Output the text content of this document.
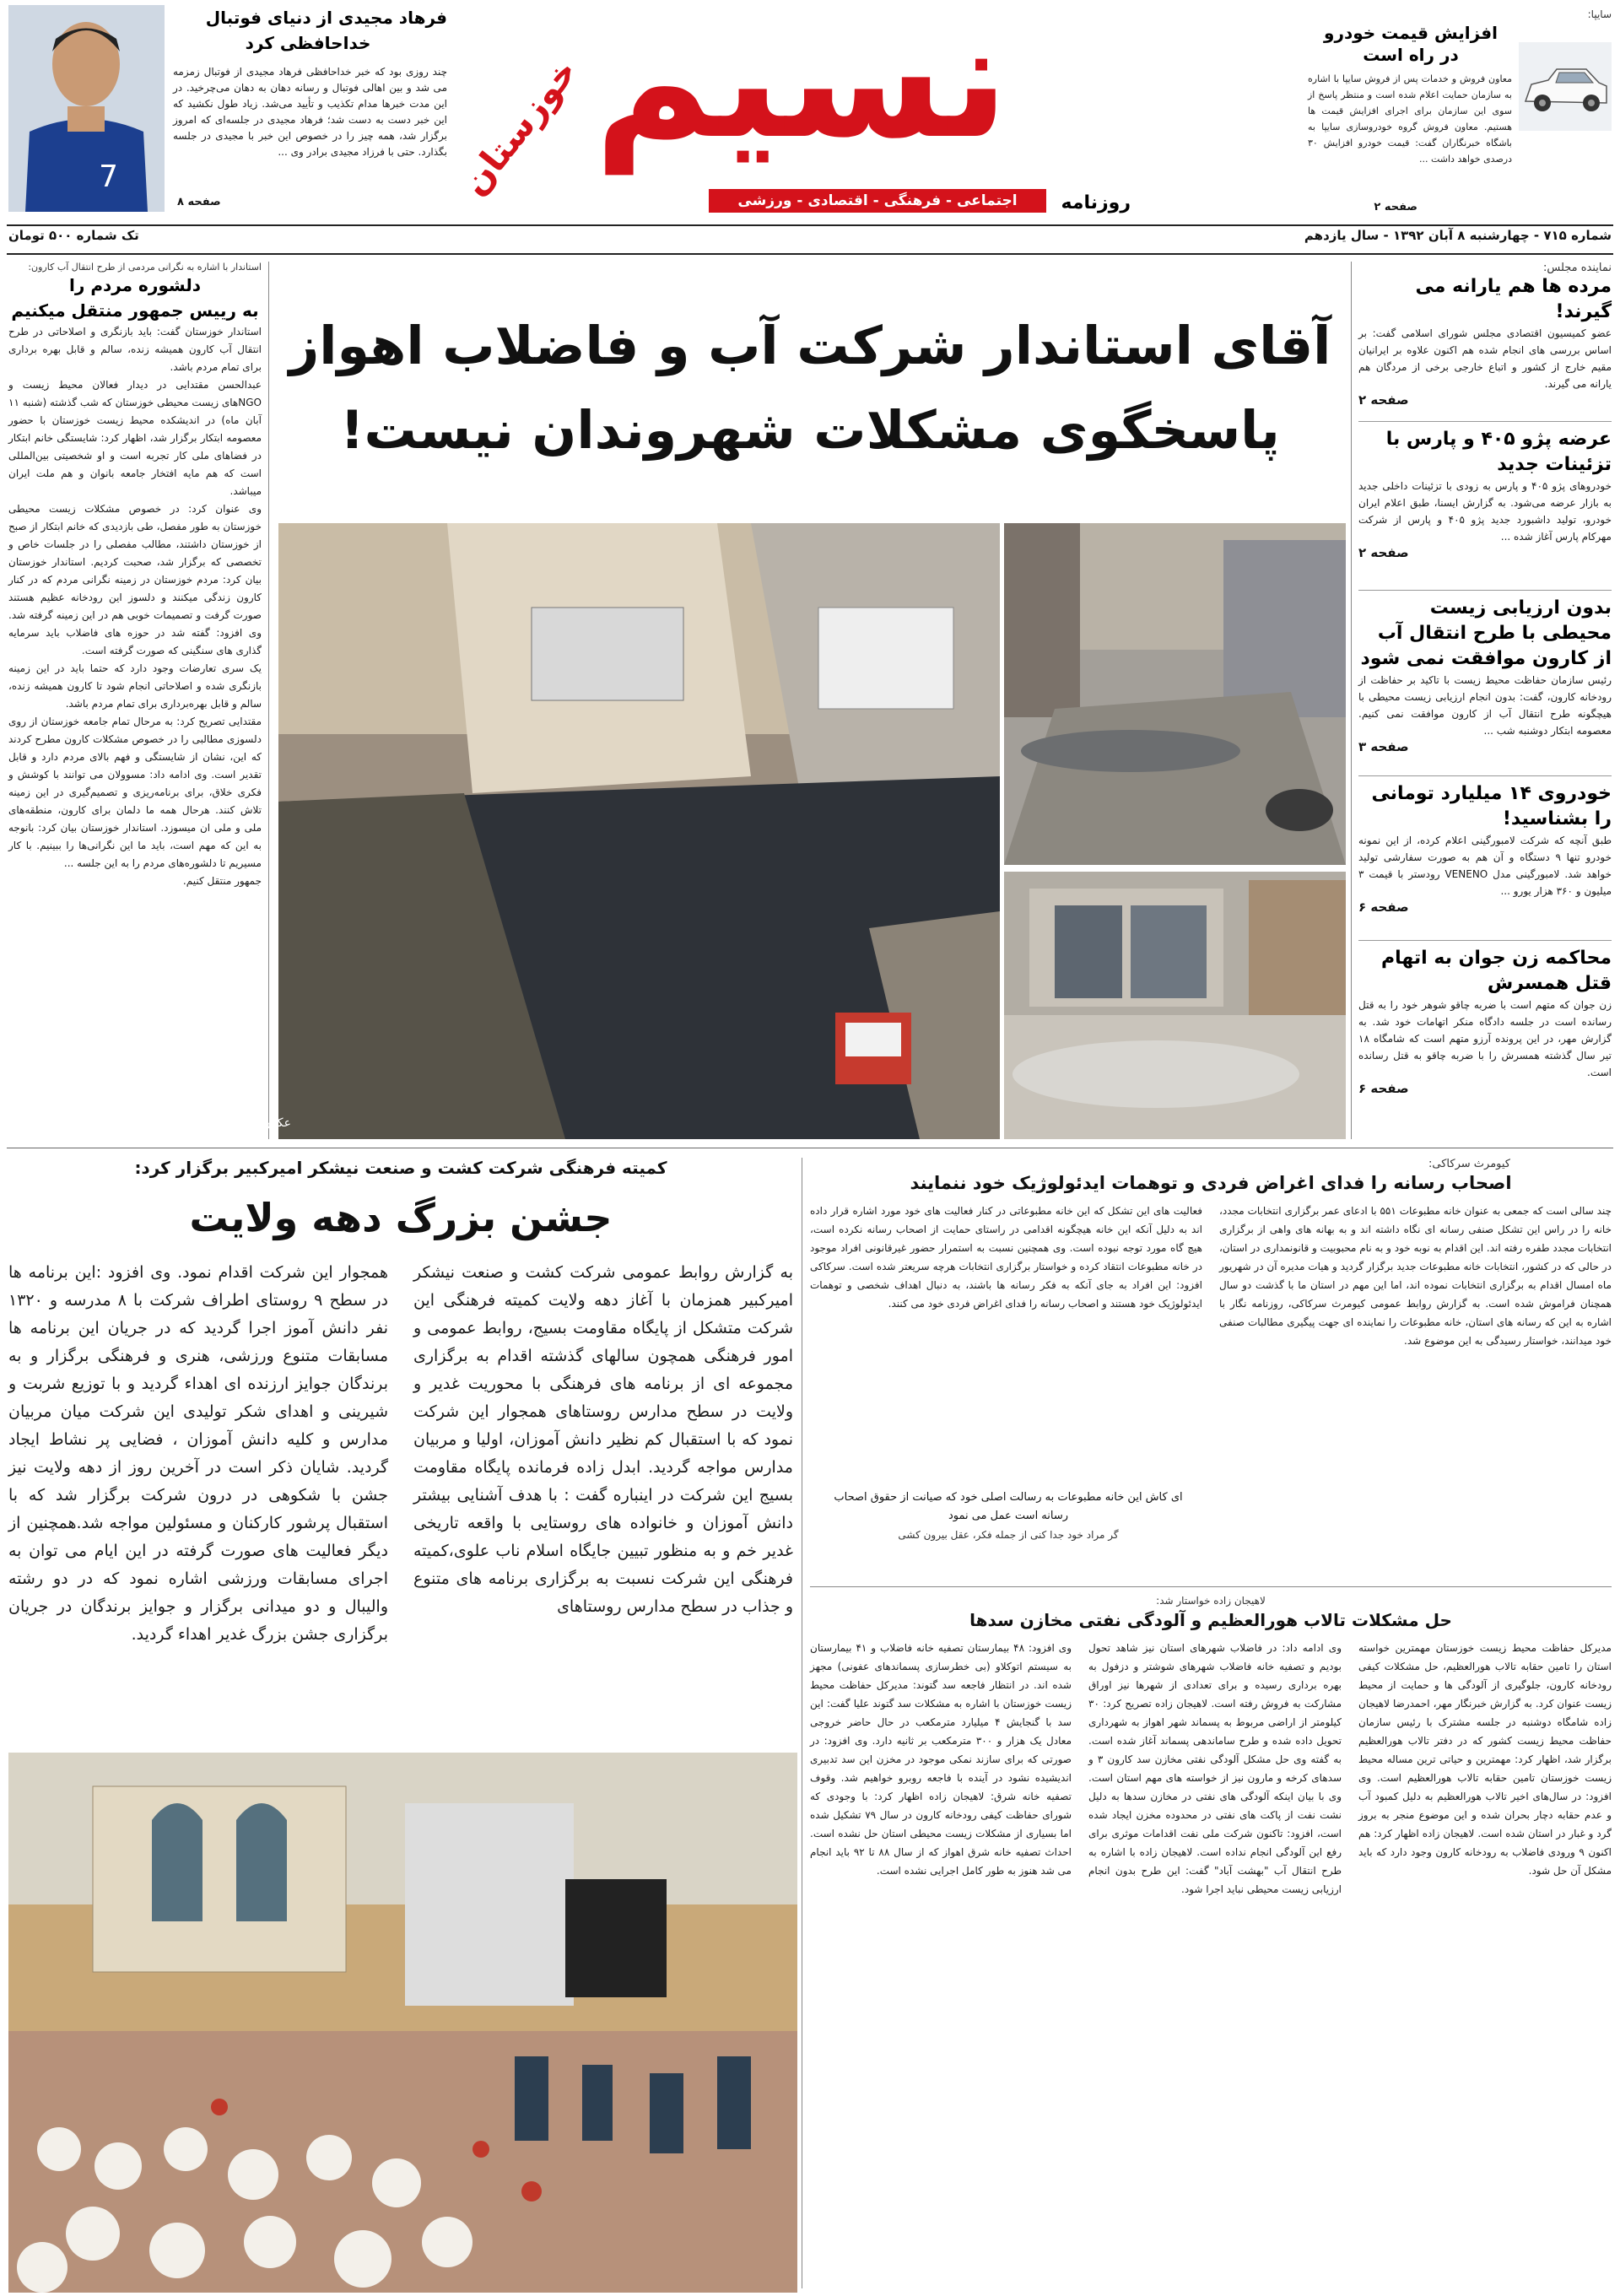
سایپا:
افزایش قیمت خودرو
در راه است
معاون فروش و خدمات پس از فروش سایپا با اشاره به سازمان حمایت اعلام شده است و منتظر پاسخ از سوی این سازمان برای اجرای افزایش قیمت ها هستیم. معاون فروش گروه خودروسازی سایپا به باشگاه خبرنگاران گفت: قیمت خودرو افزایش ۳۰ درصدی خواهد داشت ...
صفحه ۲
نسیم
خوزستان	روزنامه
اجتماعی - فرهنگی - اقتصادی - ورزشی
7
فرهاد مجیدی از دنیای فوتبال
خداحافظی کرد
چند روزی بود که خبر خداحافظی فرهاد مجیدی از فوتبال زمزمه می شد و بین اهالی فوتبال و رسانه دهان به دهان می‌چرخید. در این مدت خبرها مدام تکذیب و تأیید می‌شد. زیاد طول نکشید که این خبر دست به دست شد؛ فرهاد مجیدی در جلسه‌ای که امروز برگزار شد، همه چیز را در خصوص این خبر با مجیدی در جلسه بگذارد. حتی با فرزاد مجیدی برادر وی ...
صفحه ۸
شماره ۷۱۵ - چهارشنبه ۸ آبان ۱۳۹۲ - سال یازدهم
تک شماره ۵۰۰ تومان
نماینده مجلس:
مرده ها هم یارانه می گیرند!
عضو کمیسیون اقتصادی مجلس شورای اسلامی گفت: بر اساس بررسی های انجام شده هم اکنون علاوه بر ایرانیان مقیم خارج از کشور و اتباع خارجی برخی از مردگان هم یارانه می گیرند.
صفحه ۲
عرضه پژو ۴۰۵ و پارس با تزئینات جدید
خودروهای پژو ۴۰۵ و پارس به زودی با تزئینات داخلی جدید به بازار عرضه می‌شود. به گزارش ایسنا، طبق اعلام ایران خودرو، تولید داشبورد جدید پژو ۴۰۵ و پارس از شرکت مهرکام پارس آغاز شده ...
صفحه ۲
بدون ارزیابی زیست محیطی با طرح انتقال آب از کارون موافقت نمی شود
رئیس سازمان حفاظت محیط زیست با تاکید بر حفاظت از رودخانه کارون، گفت: بدون انجام ارزیابی زیست محیطی با هیچگونه طرح انتقال آب از کارون موافقت نمی کنیم. معصومه ابتکار دوشنبه شب ...
صفحه ۳
خودروی ۱۴ میلیارد تومانی را بشناسید!
طبق آنچه که شرکت لامبورگینی اعلام کرده، از این نمونه خودرو تنها ۹ دستگاه و آن هم به صورت سفارشی تولید خواهد شد. لامبورگینی مدل VENENO رودستر با قیمت ۳ میلیون و ۳۶۰ هزار یورو ...
صفحه ۶
محاکمه زن جوان به اتهام قتل همسرش
زن جوان که متهم است با ضربه چاقو شوهر خود را به قتل رسانده است در جلسه دادگاه منکر اتهامات خود شد. به گزارش مهر، در این پرونده آرزو متهم است که شامگاه ۱۸ تیر سال گذشته همسرش را با ضربه چاقو به قتل رسانده است.
صفحه ۶
استاندار با اشاره به نگرانی مردمی از طرح انتقال آب کارون:
دلشوره مردم را
به رییس جمهور منتقل میکنیم

استاندار خوزستان گفت: باید بازنگری و اصلاحاتی در طرح انتقال آب کارون همیشه زنده، سالم و قابل بهره برداری برای تمام مردم باشد.

عبدالحسن مقتدایی در دیدار فعالان محیط زیست و NGOهای زیست محیطی خوزستان که شب گذشته (شنبه ۱۱ آبان ماه) در اندیشکده محیط زیست خوزستان با حضور معصومه ابتکار برگزار شد، اظهار کرد: شایستگی خانم ابتکار در فضاهای ملی کار تجربه است و او شخصیتی بین‌المللی است که هم مایه افتخار جامعه بانوان و هم ملت ایران میباشد.

وی عنوان کرد: در خصوص مشکلات زیست محیطی خوزستان به طور مفصل، طی بازدیدی که خانم ابتکار از صبح از خوزستان داشتند، مطالب مفصلی را در جلسات خاص و تخصصی که برگزار شد، صحبت کردیم. استاندار خوزستان بیان کرد: مردم خوزستان در زمینه نگرانی مردم که در کنار کارون زندگی میکنند و دلسوز این رودخانه عظیم هستند صورت گرفت و تصمیمات خوبی هم در این زمینه گرفته شد. وی افزود: گفته شد در حوزه های فاضلاب باید سرمایه گذاری های سنگینی که صورت گرفته است.

یک سری تعارضات وجود دارد که حتما باید در این زمینه بازنگری شده و اصلاحاتی انجام شود تا کارون همیشه زنده، سالم و قابل بهره‌برداری برای تمام مردم باشد.

مقتدایی تصریح کرد: به مرحال تمام جامعه خوزستان از روی دلسوزی مطالبی را در خصوص مشکلات کارون مطرح کردند که این، نشان از شایستگی و فهم بالای مردم دارد و قابل تقدیر است. وی ادامه داد: مسوولان می توانند با کوشش و فکری خلاق، برای برنامه‌ریزی و تصمیم‌گیری در این زمینه تلاش کنند. هرحال همه ما دلمان برای کارون، منطقه‌های ملی و ملی ان میسوزد. استاندار خوزستان بیان کرد: بانوجه به این که مهم است، باید ما این نگرانی‌ها را ببینیم. با کار مسیریم تا دلشوره‌های مردم را به این جلسه ...

جمهور منتقل کنیم.

آقای استاندار شرکت آب و فاضلاب اهواز
پاسخگوی مشکلات شهروندان نیست!
عکس: عباس مطر
کمیته فرهنگی شرکت کشت و صنعت نیشکر امیرکبیر برگزار کرد:
جشن بزرگ دهه ولایت
به گزارش روابط عمومی شرکت کشت و صنعت نیشکر امیرکبیر همزمان با آغاز دهه ولایت کمیته فرهنگی این شرکت متشکل از پایگاه مقاومت بسیج، روابط عمومی و امور فرهنگی همچون سالهای گذشته اقدام به برگزاری مجموعه ای از برنامه های فرهنگی با محوریت غدیر و ولایت در سطح مدارس روستاهای همجوار این شرکت نمود که با استقبال کم نظیر دانش آموزان، اولیا و مربیان مدارس مواجه گردید. ابدل زاده فرمانده پایگاه مقاومت بسیج این شرکت در اینباره گفت : با هدف آشنایی بیشتر دانش آموزان و خانواده های روستایی با واقعه تاریخی غدیر خم و به منظور تبیین جایگاه اسلام ناب علوی،کمیته فرهنگی این شرکت نسبت به برگزاری برنامه های متنوع و جذاب در سطح مدارس روستاهای
همجوار این شرکت اقدام نمود. وی افزود :این برنامه ها در سطح ۹ روستای اطراف شرکت با ۸ مدرسه و ۱۳۲۰ نفر دانش آموز اجرا گردید که در جریان این برنامه ها مسابقات متنوع ورزشی، هنری و فرهنگی برگزار و به برندگان جوایز ارزنده ای اهداء گردید و با توزیع شربت و شیرینی و اهدای شکر تولیدی این شرکت میان مربیان مدارس و کلیه دانش آموزان ، فضایی پر نشاط ایجاد گردید. شایان ذکر است در آخرین روز از دهه ولایت نیز جشن با شکوهی در درون شرکت برگزار شد که با استقبال پرشور کارکنان و مسئولین مواجه شد.همچنین از دیگر فعالیت های صورت گرفته در این ایام می توان به اجرای مسابقات ورزشی اشاره نمود که در دو رشته والیبال و دو میدانی برگزار و جوایز برندگان در جریان برگزاری جشن بزرگ غدیر اهداء گردید.
کیومرث سرکاکی:
اصحاب رسانه را فدای اغراض فردی و توهمات ایدئولوژیک خود ننمایند
چند سالی است که جمعی به عنوان خانه مطبوعات ۵۵۱ با ادعای عمر برگزاری انتخابات مجدد، خانه را در راس این تشکل صنفی رسانه ای نگاه داشته اند و به بهانه های واهی از برگزاری انتخابات مجدد طفره رفته اند. این اقدام به نوبه خود و به نام محبوبیت و قانونمداری در استان، در حالی که در کشور، انتخابات خانه مطبوعات جدید برگزار گردید و هیات مدیره آن در شهریور ماه امسال اقدام به برگزاری انتخابات نموده اند، اما این مهم در استان ما با گذشت دو سال همچنان فراموش شده است. به گزارش روابط عمومی کیومرث سرکاکی، روزنامه نگار با اشاره به این که رسانه های استان، خانه مطبوعات را نماینده ای جهت پیگیری مطالبات صنفی خود میدانند، خواستار رسیدگی به این موضوع شد.
فعالیت های این تشکل که این خانه مطبوعاتی در کنار فعالیت های خود مورد اشاره قرار داده اند به دلیل آنکه این خانه هیچگونه اقدامی در راستای حمایت از اصحاب رسانه نکرده است، هیچ گاه مورد توجه نبوده است. وی همچنین نسبت به استمرار حضور غیرقانونی افراد موجود در خانه مطبوعات انتقاد کرده و خواستار برگزاری انتخابات هرچه سریعتر شده است. سرکاکی افزود: این افراد به جای آنکه به فکر رسانه ها باشند، به دنبال اهداف شخصی و توهمات ایدئولوژیک خود هستند و اصحاب رسانه را فدای اغراض فردی خود می کنند.
ای کاش این خانه مطبوعات به رسالت اصلی خود که صیانت از حقوق اصحاب رسانه است عمل می نمود
گر مراد خود جدا کنی از جمله فکر، عقل بیرون کشی
لاهیجان زاده خواستار شد:
حل مشکلات تالاب هورالعظیم و آلودگی نفتی مخازن سدها
مدیرکل حفاظت محیط زیست خوزستان مهمترین خواسته استان را تامین حقابه تالاب هورالعظیم، حل مشکلات کیفی رودخانه کارون، جلوگیری از آلودگی ها و حمایت از محیط زیست عنوان کرد. به گزارش خبرنگار مهر، احمدرضا لاهیجان زاده شامگاه دوشنبه در جلسه مشترک با رئیس سازمان حفاظت محیط زیست کشور که در دفتر تالاب هورالعظیم برگزار شد، اظهار کرد: مهمترین و حیاتی ترین مساله محیط زیست خوزستان تامین حقابه تالاب هورالعظیم است. وی افزود: در سال‌های اخیر تالاب هورالعظیم به دلیل کمبود آب و عدم حقابه دچار بحران شده و این موضوع منجر به بروز گرد و غبار در استان شده است. لاهیجان زاده اظهار کرد: هم اکنون ۹ ورودی فاضلاب به رودخانه کارون وجود دارد که باید مشکل آن حل شود.
وی ادامه داد: در فاضلاب شهرهای استان نیز شاهد تحول بودیم و تصفیه خانه فاضلاب شهرهای شوشتر و دزفول به بهره برداری رسیده و برای تعدادی از شهرها نیز اوراق مشارکت به فروش رفته است. لاهیجان زاده تصریح کرد: ۳۰ کیلومتر از اراضی مربوط به پسماند شهر اهواز به شهرداری تحویل داده شده و طرح ساماندهی پسماند آغاز شده است. به گفته وی حل مشکل آلودگی نفتی مخازن سد کارون ۳ و سدهای کرخه و مارون نیز از خواسته های مهم استان است. وی با بیان اینکه آلودگی های نفتی در مخازن سدها به دلیل نشت نفت از پاکت های نفتی در محدوده مخزن ایجاد شده است، افزود: تاکنون شرکت ملی نفت اقدامات موثری برای رفع این آلودگی انجام نداده است. لاهیجان زاده با اشاره به طرح انتقال آب "بهشت آباد" گفت: این طرح بدون انجام ارزیابی زیست محیطی نباید اجرا شود.
وی افزود: ۴۸ بیمارستان تصفیه خانه فاضلاب و ۴۱ بیمارستان به سیستم اتوکلاو (بی خطرسازی پسماندهای عفونی) مجهز شده اند. در انتظار فاجعه سد گتوند: مدیرکل حفاظت محیط زیست خوزستان با اشاره به مشکلات سد گتوند علیا گفت: این سد با گنجایش ۴ میلیارد مترمکعب در حال حاضر خروجی معادل یک هزار و ۳۰۰ مترمکعب بر ثانیه دارد. وی افزود: در صورتی که برای سازند نمکی موجود در مخزن این سد تدبیری اندیشیده نشود در آینده با فاجعه روبرو خواهیم شد. وقوف تصفیه خانه شرق: لاهیجان زاده اظهار کرد: با وجودی که شورای حفاظت کیفی رودخانه کارون در سال ۷۹ تشکیل شده اما بسیاری از مشکلات زیست محیطی استان حل نشده است. احداث تصفیه خانه شرق اهواز که از سال ۸۸ تا ۹۲ باید انجام می شد هنوز به طور کامل اجرایی نشده است.
